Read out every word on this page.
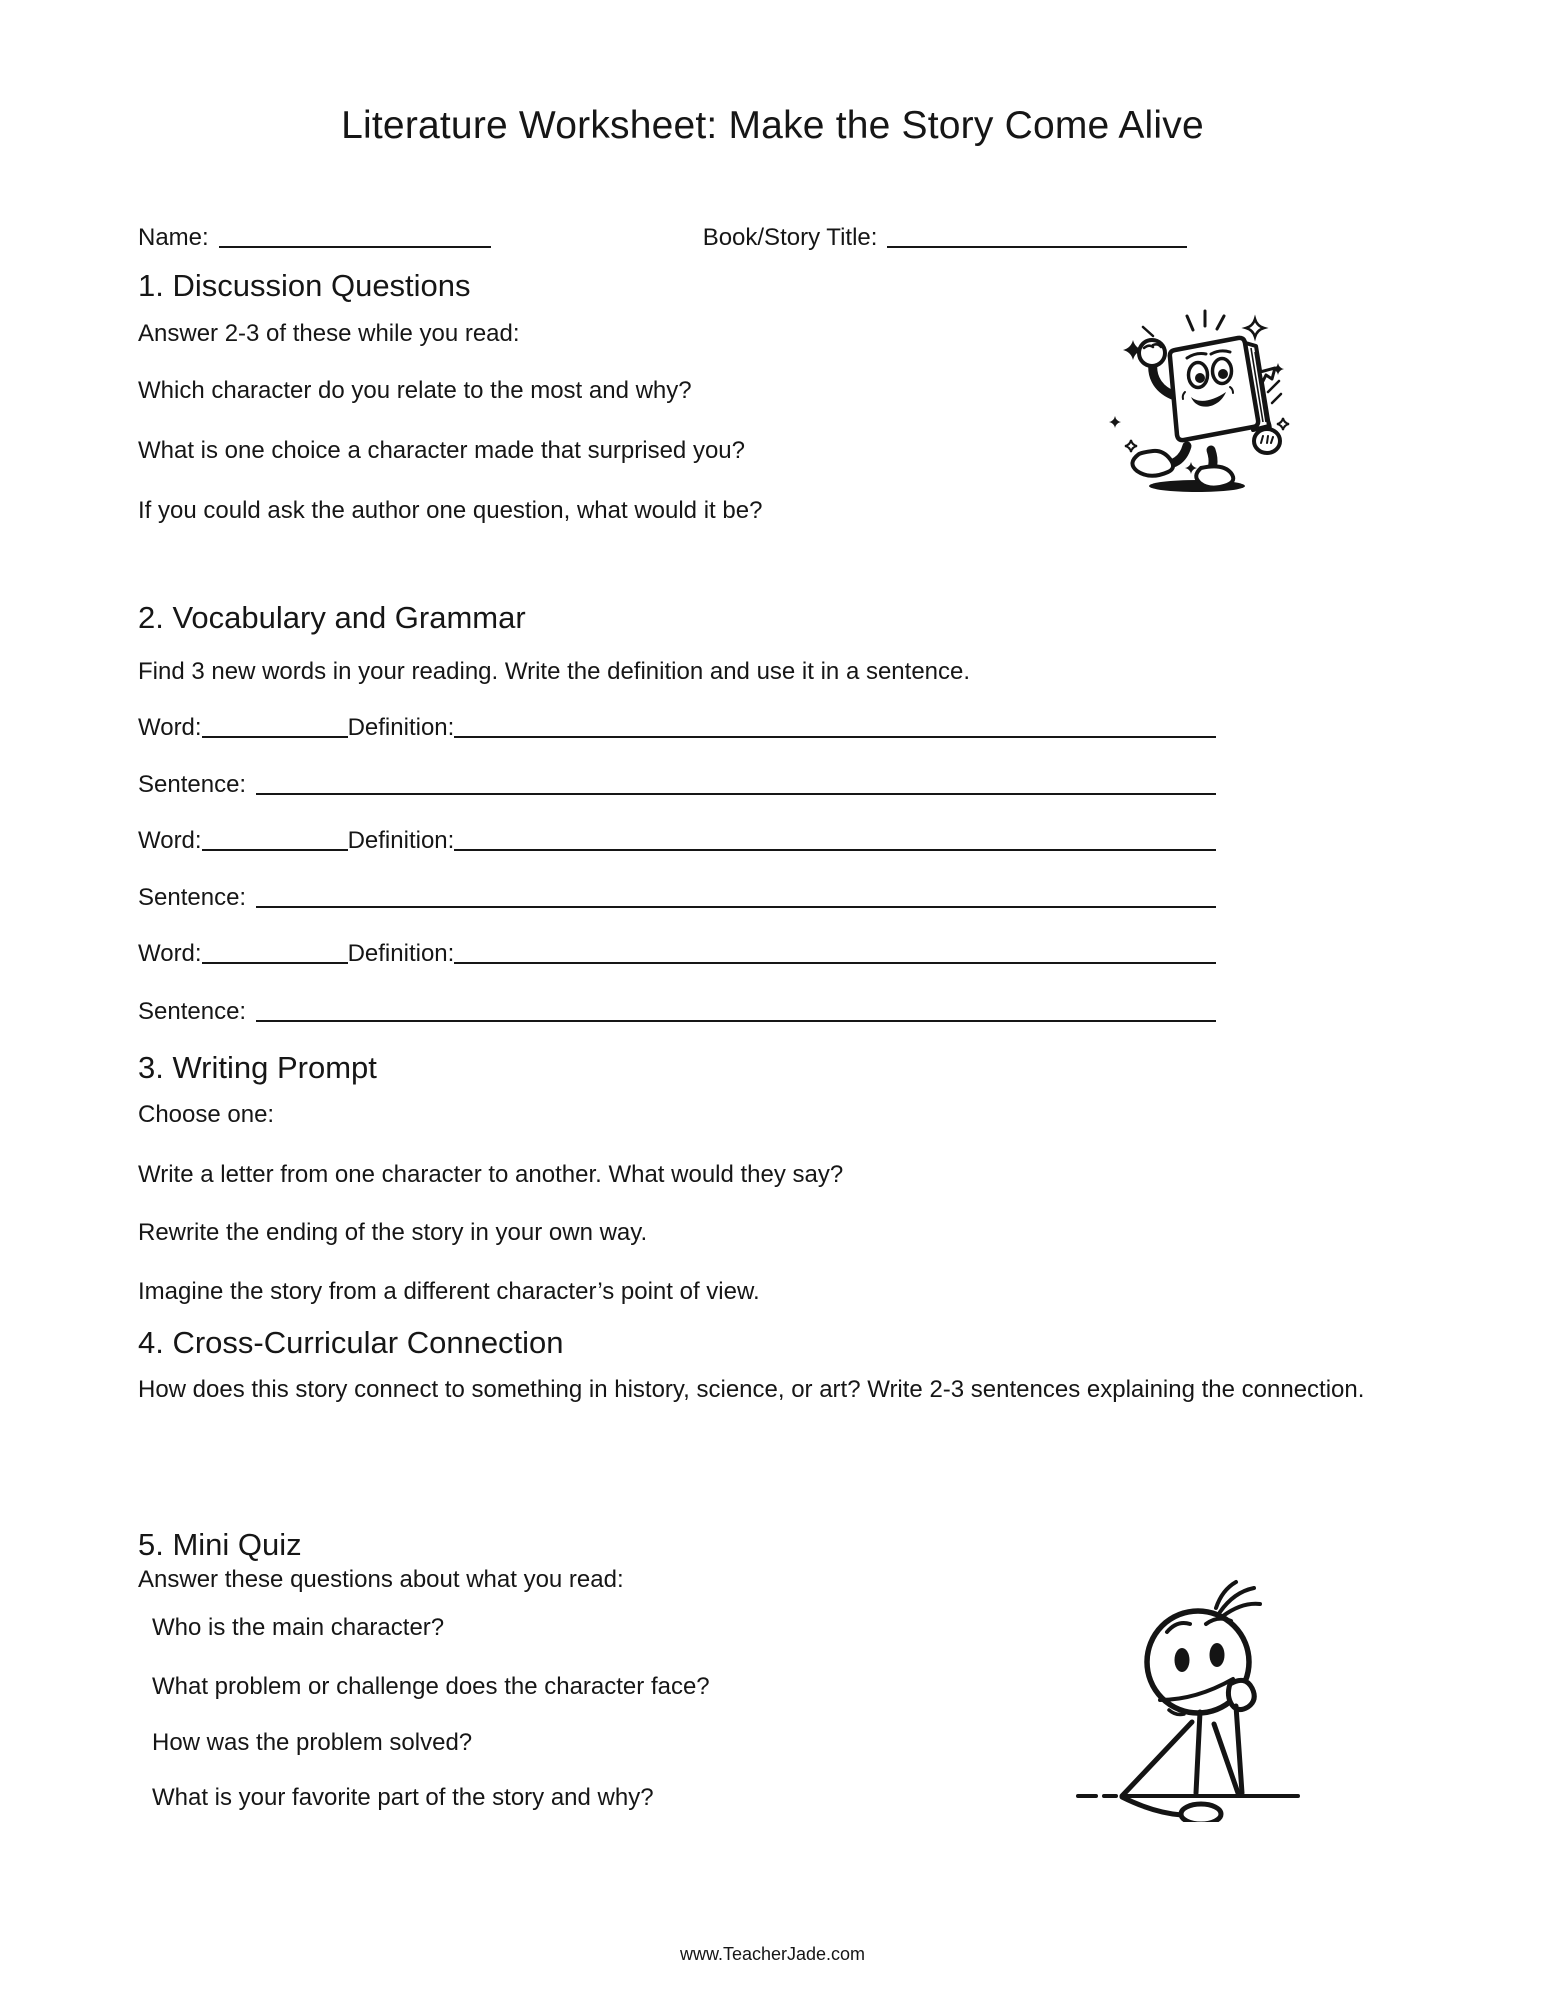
Literature Worksheet: Make the Story Come Alive
Name:	Book/Story Title:
1. Discussion Questions
Answer 2-3 of these while you read:
Which character do you relate to the most and why?
What is one choice a character made that surprised you?
If you could ask the author one question, what would it be?
2. Vocabulary and Grammar
Find 3 new words in your reading. Write the definition and use it in a sentence.
Word:	Definition:
Sentence:
Word:	Definition:
Sentence:
Word:	Definition:
Sentence:
3. Writing Prompt
Choose one:
Write a letter from one character to another. What would they say?
Rewrite the ending of the story in your own way.
Imagine the story from a different character’s point of view.
4. Cross-Curricular Connection
How does this story connect to something in history, science, or art? Write 2-3 sentences explaining the connection.
5. Mini Quiz
Answer these questions about what you read:
Who is the main character?
What problem or challenge does the character face?
How was the problem solved?
What is your favorite part of the story and why?
www.TeacherJade.com
